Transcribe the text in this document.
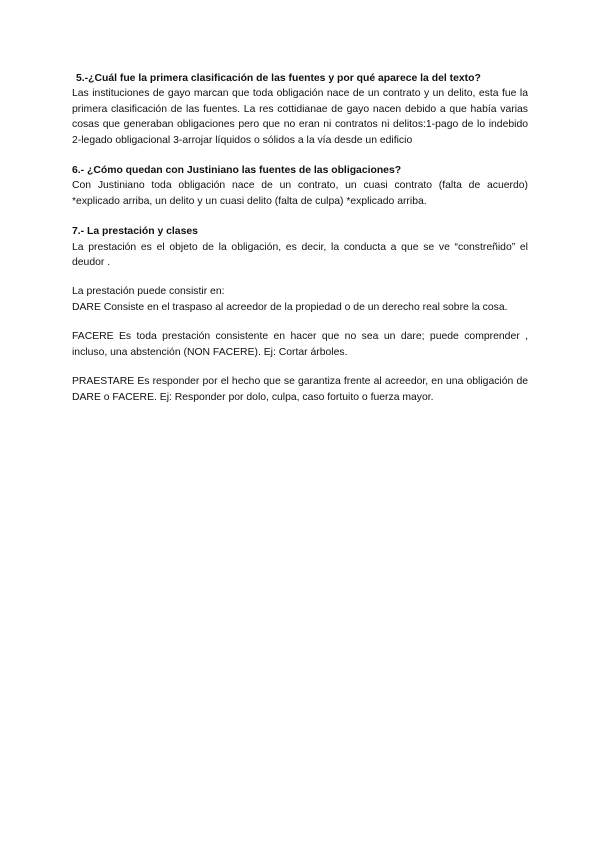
5.-¿Cuál fue la primera clasificación de las fuentes y por qué aparece la del texto?

Las instituciones de gayo marcan que toda obligación nace de un contrato y un delito, esta fue la primera clasificación de las fuentes. La res cottidianae de gayo nacen debido a que había varias cosas que generaban obligaciones pero que no eran ni contratos ni delitos:1-pago de lo indebido 2-legado obligacional 3-arrojar líquidos o sólidos a la vía desde un edificio

6.- ¿Cómo quedan con Justiniano las fuentes de las obligaciones?

Con Justiniano toda obligación nace de un contrato, un cuasi contrato (falta de acuerdo) *explicado arriba, un delito y un cuasi delito (falta de culpa) *explicado arriba.

7.- La prestación y clases

La prestación es el objeto de la obligación, es decir, la conducta a que se ve “constreñido” el deudor .

La prestación puede consistir en:
DARE Consiste en el traspaso al acreedor de la propiedad o de un derecho real sobre la cosa.

FACERE Es toda prestación consistente en hacer que no sea un dare; puede comprender , incluso, una abstención (NON FACERE). Ej: Cortar árboles.

PRAESTARE Es responder por el hecho que se garantiza frente al acreedor, en una obligación de DARE o FACERE. Ej: Responder por dolo, culpa, caso fortuito o fuerza mayor.
